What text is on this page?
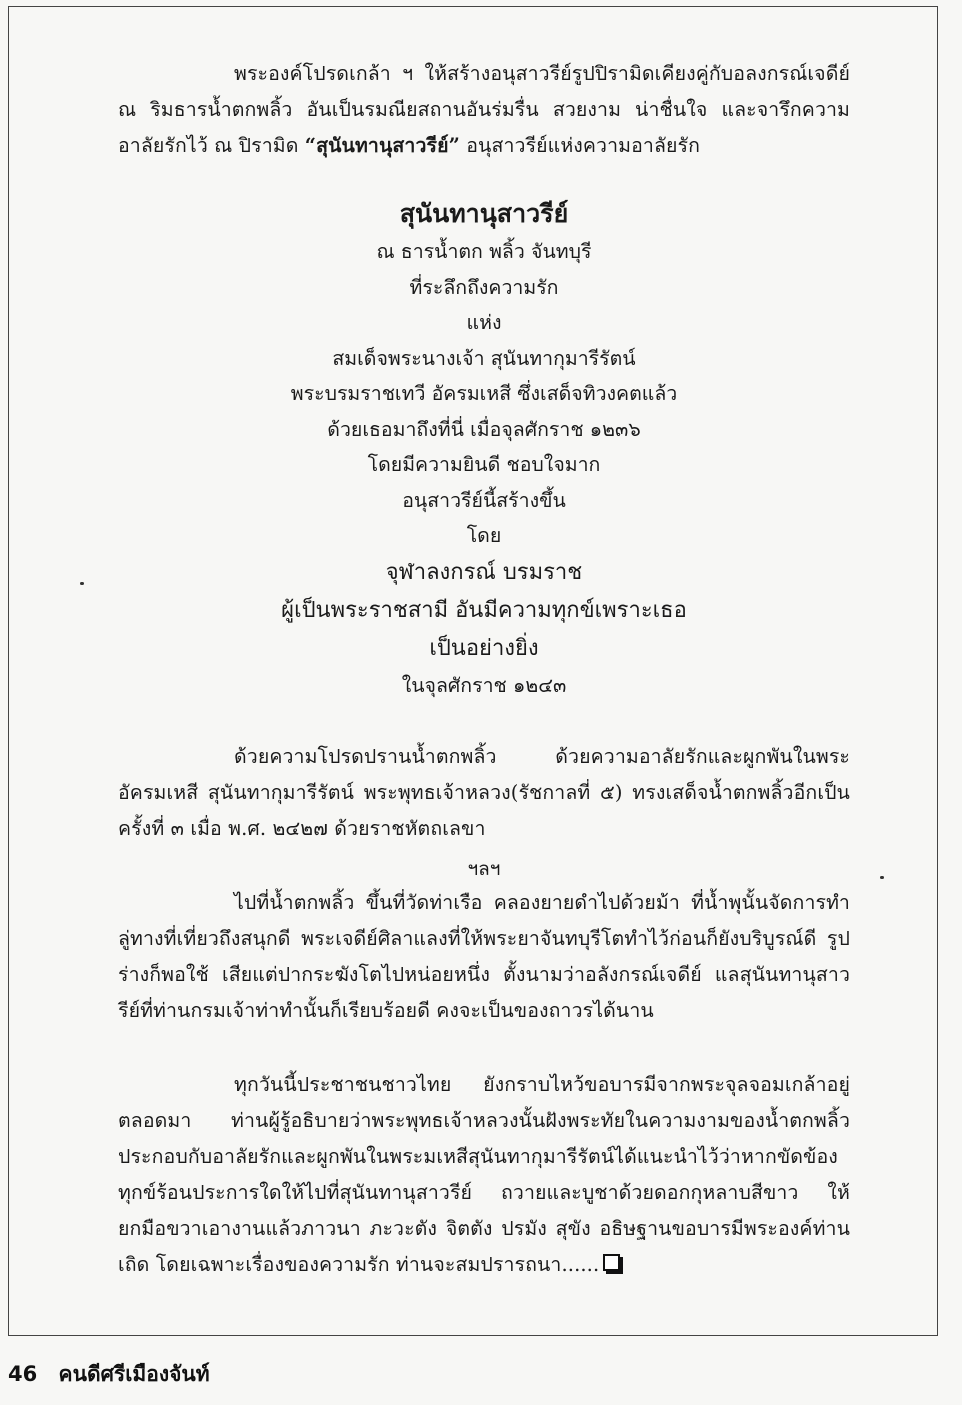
พระองค์โปรดเกล้า ฯ ให้สร้างอนุสาวรีย์รูปปิรามิดเคียงคู่กับอลงกรณ์เจดีย์ ณ ริมธารน้ำตกพลิ้ว อันเป็นรมณียสถานอันร่มรื่น สวยงาม น่าชื่นใจ และจารึกความอาลัยรักไว้ ณ ปิรามิด “สุนันทานุสาวรีย์” อนุสาวรีย์แห่งความอาลัยรัก

สุนันทานุสาวรีย์
ณ ธารน้ำตก พลิ้ว จันทบุรี
ที่ระลึกถึงความรัก
แห่ง
สมเด็จพระนางเจ้า สุนันทากุมารีรัตน์
พระบรมราชเทวี อัครมเหสี ซึ่งเสด็จทิวงคตแล้ว
ด้วยเธอมาถึงที่นี่ เมื่อจุลศักราช ๑๒๓๖
โดยมีความยินดี ชอบใจมาก
อนุสาวรีย์นี้สร้างขึ้น
โดย
จุฬาลงกรณ์ บรมราช
ผู้เป็นพระราชสามี อันมีความทุกข์เพราะเธอ
เป็นอย่างยิ่ง
ในจุลศักราช ๑๒๔๓

ด้วยความโปรดปรานน้ำตกพลิ้ว ด้วยความอาลัยรักและผูกพันในพระอัครมเหสี สุนันทากุมารีรัตน์ พระพุทธเจ้าหลวง(รัชกาลที่ ๕) ทรงเสด็จน้ำตกพลิ้วอีกเป็นครั้งที่ ๓ เมื่อ พ.ศ. ๒๔๒๗ ด้วยราชหัตถเลขา

ฯลฯ

ไปที่น้ำตกพลิ้ว ขึ้นที่วัดท่าเรือ คลองยายดำไปด้วยม้า ที่น้ำพุนั้นจัดการทำลู่ทางที่เที่ยวถึงสนุกดี พระเจดีย์ศิลาแลงที่ให้พระยาจันทบุรีโตทำไว้ก่อนก็ยังบริบูรณ์ดี รูปร่างก็พอใช้ เสียแต่ปากระฆังโตไปหน่อยหนึ่ง ตั้งนามว่าอลังกรณ์เจดีย์ แลสุนันทานุสาวรีย์ที่ท่านกรมเจ้าท่าทำนั้นก็เรียบร้อยดี คงจะเป็นของถาวรได้นาน

ทุกวันนี้ประชาชนชาวไทย ยังกราบไหว้ขอบารมีจากพระจุลจอมเกล้าอยู่ตลอดมา ท่านผู้รู้อธิบายว่าพระพุทธเจ้าหลวงนั้นฝังพระทัยในความงามของน้ำตกพลิ้ว ประกอบกับอาลัยรักและผูกพันในพระมเหสีสุนันทากุมารีรัตน์ได้แนะนำไว้ว่าหากขัดข้องทุกข์ร้อนประการใดให้ไปที่สุนันทานุสาวรีย์ ถวายและบูชาด้วยดอกกุหลาบสีขาว ให้ยกมือขวาเอางานแล้วภาวนา ภะวะตัง จิตตัง ปรมัง สุขัง อธิษฐานขอบารมีพระองค์ท่านเถิด โดยเฉพาะเรื่องของความรัก ท่านจะสมปรารถนา......

46 คนดีศรีเมืองจันท์
